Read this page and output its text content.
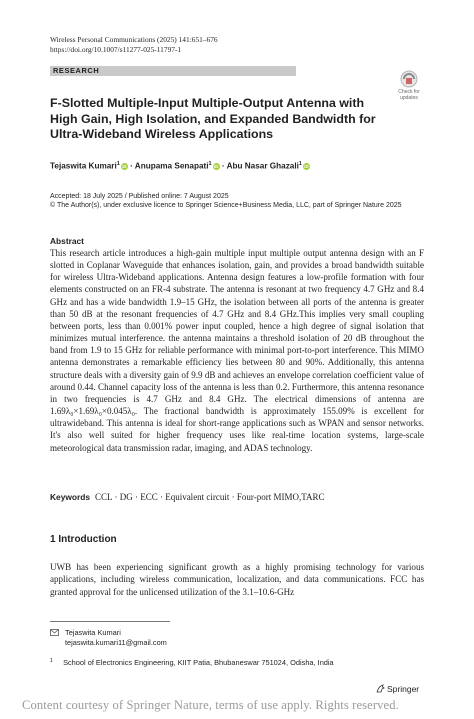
Wireless Personal Communications (2025) 141:651–676
https://doi.org/10.1007/s11277-025-11797-1
RESEARCH
Check for
updates
F-Slotted Multiple-Input Multiple-Output Antenna with High Gain, High Isolation, and Expanded Bandwidth for Ultra-Wideband Wireless Applications
Tejaswita Kumari$^1$ iD · Anupama Senapati$^1$ iD · Abu Nasar Ghazali$^1$ iD
Accepted: 18 July 2025 / Published online: 7 August 2025
© The Author(s), under exclusive licence to Springer Science+Business Media, LLC, part of Springer Nature 2025
Abstract
This research article introduces a high-gain multiple input multiple output antenna design with an F slotted in Coplanar Waveguide that enhances isolation, gain, and provides a broad bandwidth suitable for wireless Ultra-Wideband applications. Antenna design features a low-profile formation with four elements constructed on an FR-4 substrate. The antenna is resonant at two frequency 4.7 GHz and 8.4 GHz and has a wide bandwidth 1.9–15 GHz, the isolation between all ports of the antenna is greater than 50 dB at the resonant frequencies of 4.7 GHz and 8.4 GHz.This implies very small coupling between ports, less than 0.001% power input coupled, hence a high degree of signal isolation that minimizes mutual interference. the antenna maintains a threshold isolation of 20 dB throughout the band from 1.9 to 15 GHz for reliable performance with minimal port-to-port interference. This MIMO antenna demonstrates a remarkable efficiency lies between 80 and 90%. Additionally, this antenna structure deals with a diversity gain of 9.9 dB and achieves an envelope correlation coefficient value of around 0.44. Channel capacity loss of the antenna is less than 0.2. Furthermore, this antenna resonance in two frequencies is 4.7 GHz and 8.4 GHz. The electrical dimensions of antenna are 1.69λ₀×1.69λ₀×0.045λ₀. The fractional bandwidth is approximately 155.09% is excellent for ultrawideband. This antenna is ideal for short-range applications such as WPAN and sensor networks. It's also well suited for higher frequency uses like real-time location systems, large-scale meteorological data transmission radar, imaging, and ADAS technology.
Keywords CCL · DG · ECC · Equivalent circuit · Four-port MIMO,TARC
1 Introduction
UWB has been experiencing significant growth as a highly promising technology for various applications, including wireless communication, localization, and data communications. FCC has granted approval for the unlicensed utilization of the 3.1–10.6-GHz
Tejaswita Kumari
tejaswita.kumari11@gmail.com
$^1$ School of Electronics Engineering, KIIT Patia, Bhubaneswar 751024, Odisha, India
Springer
Content courtesy of Springer Nature, terms of use apply. Rights reserved.
